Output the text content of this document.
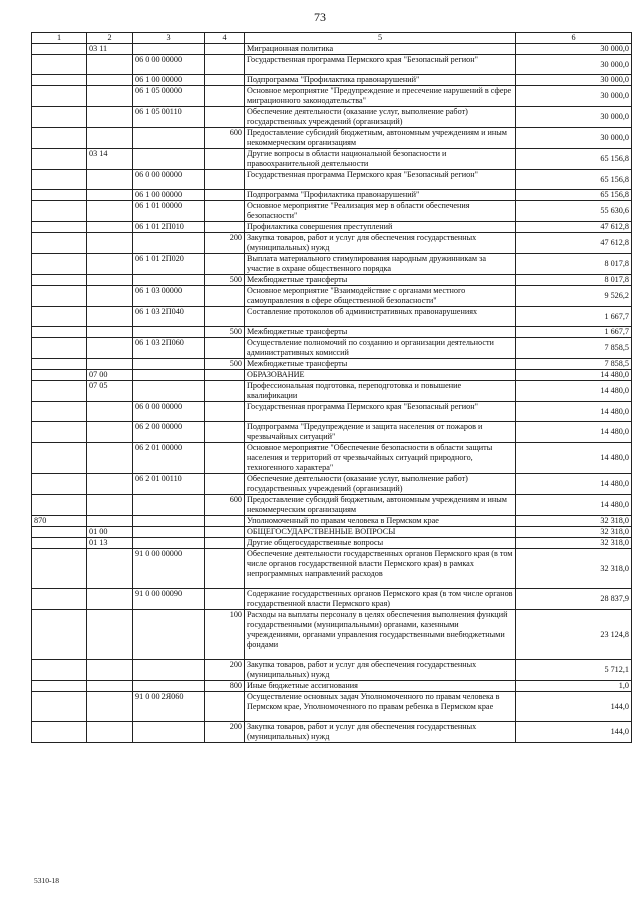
73
1	2	3	4	5	6
	03 11			Миграционная политика	30 000,0
		06 0 00 00000		Государственная программа Пермского края "Безопасный регион"	30 000,0
		06 1 00 00000		Подпрограмма "Профилактика правонарушений"	30 000,0
		06 1 05 00000		Основное мероприятие "Предупреждение и пресечение нарушений в сфере миграционного законодательства"	30 000,0
		06 1 05 00110		Обеспечение деятельности (оказание услуг, выполнение работ) государственных учреждений (организаций)	30 000,0
			600	Предоставление субсидий бюджетным, автономным учреждениям и иным некоммерческим организациям	30 000,0
	03 14			Другие вопросы в области национальной безопасности и правоохранительной деятельности	65 156,8
		06 0 00 00000		Государственная программа Пермского края "Безопасный регион"	65 156,8
		06 1 00 00000		Подпрограмма "Профилактика правонарушений"	65 156,8
		06 1 01 00000		Основное мероприятие "Реализация мер в области обеспечения безопасности"	55 630,6
		06 1 01 2П010		Профилактика совершения преступлений	47 612,8
			200	Закупка товаров, работ и услуг для обеспечения государственных (муниципальных) нужд	47 612,8
		06 1 01 2П020		Выплата материального стимулирования народным дружинникам за участие в охране общественного порядка	8 017,8
			500	Межбюджетные трансферты	8 017,8
		06 1 03 00000		Основное мероприятие "Взаимодействие с органами местного самоуправления в сфере общественной безопасности"	9 526,2
		06 1 03 2П040		Составление протоколов об административных правонарушениях	1 667,7
			500	Межбюджетные трансферты	1 667,7
		06 1 03 2П060		Осуществление полномочий по созданию и организации деятельности административных комиссий	7 858,5
			500	Межбюджетные трансферты	7 858,5
	07 00			ОБРАЗОВАНИЕ	14 480,0
	07 05			Профессиональная подготовка, переподготовка и повышение квалификации	14 480,0
		06 0 00 00000		Государственная программа Пермского края "Безопасный регион"	14 480,0
		06 2 00 00000		Подпрограмма "Предупреждение и защита населения от пожаров и чрезвычайных ситуаций"	14 480,0
		06 2 01 00000		Основное мероприятие "Обеспечение безопасности в области защиты населения и территорий от чрезвычайных ситуаций природного, техногенного характера"	14 480,0
		06 2 01 00110		Обеспечение деятельности (оказание услуг, выполнение работ) государственных учреждений (организаций)	14 480,0
			600	Предоставление субсидий бюджетным, автономным учреждениям и иным некоммерческим организациям	14 480,0
870				Уполномоченный по правам человека в Пермском крае	32 318,0
	01 00			ОБЩЕГОСУДАРСТВЕННЫЕ ВОПРОСЫ	32 318,0
	01 13			Другие общегосударственные вопросы	32 318,0
		91 0 00 00000		Обеспечение деятельности государственных органов Пермского края (в том числе органов государственной власти Пермского края) в рамках непрограммных направлений расходов	32 318,0
		91 0 00 00090		Содержание государственных органов Пермского края (в том числе органов государственной власти Пермского края)	28 837,9
			100	Расходы на выплаты персоналу в целях обеспечения выполнения функций государственными (муниципальными) органами, казенными учреждениями, органами управления государственными внебюджетными фондами	23 124,8
			200	Закупка товаров, работ и услуг для обеспечения государственных (муниципальных) нужд	5 712,1
			800	Иные бюджетные ассигнования	1,0
		91 0 00 2Я060		Осуществление основных задач Уполномоченного по правам человека в Пермском крае, Уполномоченного по правам ребенка в Пермском крае	144,0
			200	Закупка товаров, работ и услуг для обеспечения государственных (муниципальных) нужд	144,0
5310-18
